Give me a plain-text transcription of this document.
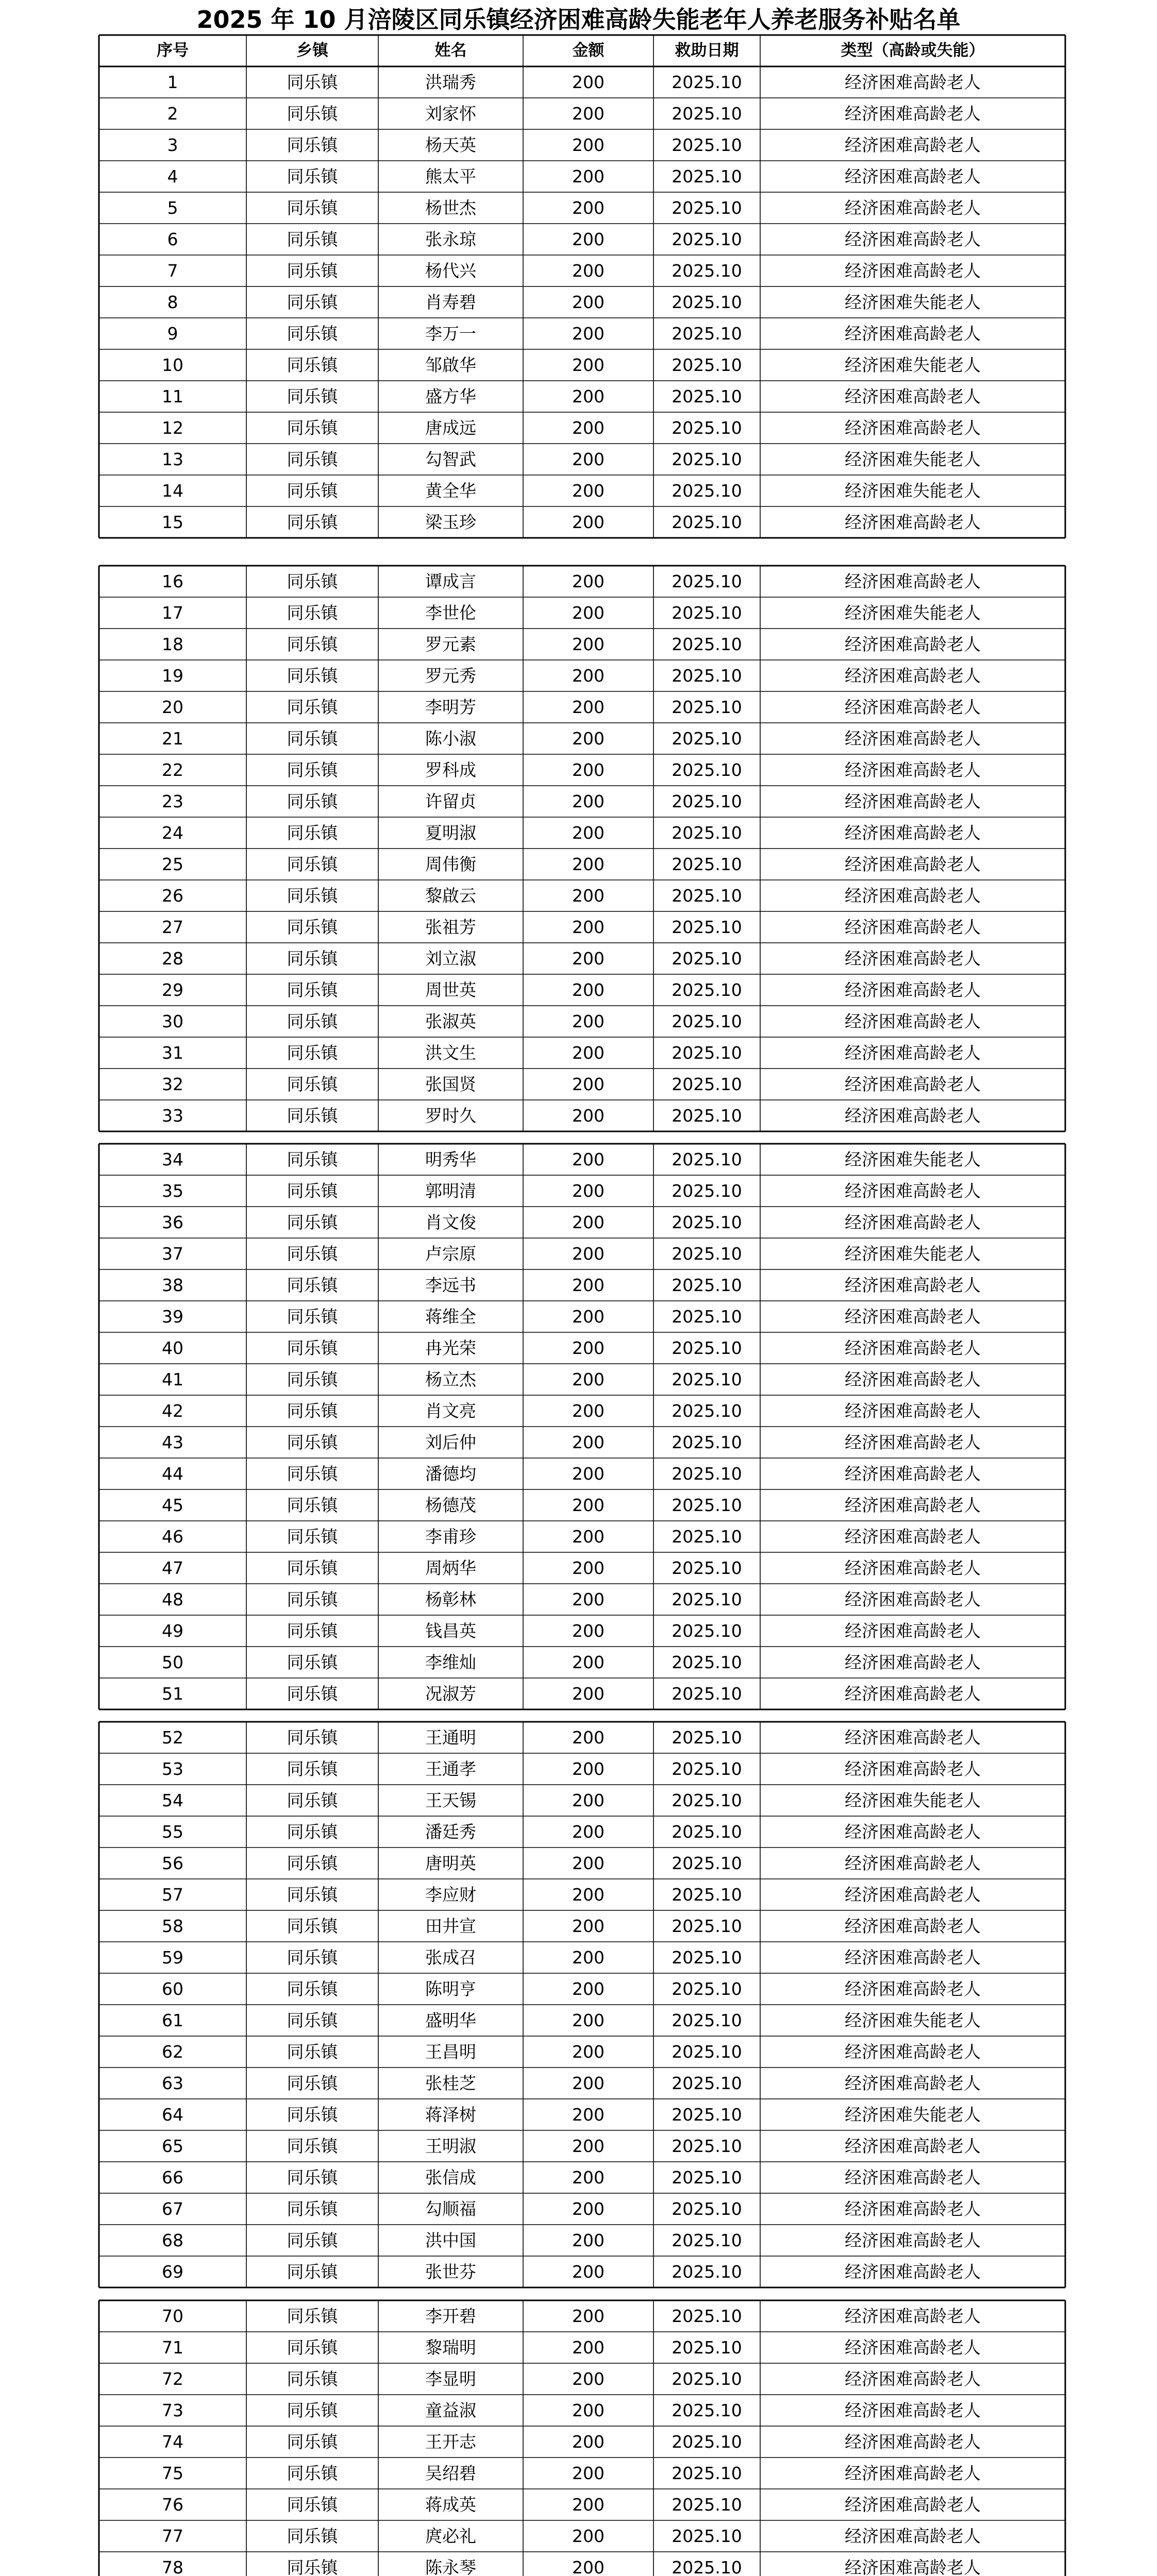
2025 年 10 月涪陵区同乐镇经济困难高龄失能老年人养老服务补贴名单
序号	乡镇	姓名	金额	救助日期	类型（高龄或失能）
1	同乐镇	洪瑞秀	200	2025.10	经济困难高龄老人
2	同乐镇	刘家怀	200	2025.10	经济困难高龄老人
3	同乐镇	杨天英	200	2025.10	经济困难高龄老人
4	同乐镇	熊太平	200	2025.10	经济困难高龄老人
5	同乐镇	杨世杰	200	2025.10	经济困难高龄老人
6	同乐镇	张永琼	200	2025.10	经济困难高龄老人
7	同乐镇	杨代兴	200	2025.10	经济困难高龄老人
8	同乐镇	肖寿碧	200	2025.10	经济困难失能老人
9	同乐镇	李万一	200	2025.10	经济困难高龄老人
10	同乐镇	邹啟华	200	2025.10	经济困难失能老人
11	同乐镇	盛方华	200	2025.10	经济困难高龄老人
12	同乐镇	唐成远	200	2025.10	经济困难高龄老人
13	同乐镇	勾智武	200	2025.10	经济困难失能老人
14	同乐镇	黄全华	200	2025.10	经济困难失能老人
15	同乐镇	梁玉珍	200	2025.10	经济困难高龄老人
16	同乐镇	谭成言	200	2025.10	经济困难高龄老人
17	同乐镇	李世伦	200	2025.10	经济困难失能老人
18	同乐镇	罗元素	200	2025.10	经济困难高龄老人
19	同乐镇	罗元秀	200	2025.10	经济困难高龄老人
20	同乐镇	李明芳	200	2025.10	经济困难高龄老人
21	同乐镇	陈小淑	200	2025.10	经济困难高龄老人
22	同乐镇	罗科成	200	2025.10	经济困难高龄老人
23	同乐镇	许留贞	200	2025.10	经济困难高龄老人
24	同乐镇	夏明淑	200	2025.10	经济困难高龄老人
25	同乐镇	周伟衡	200	2025.10	经济困难高龄老人
26	同乐镇	黎啟云	200	2025.10	经济困难高龄老人
27	同乐镇	张祖芳	200	2025.10	经济困难高龄老人
28	同乐镇	刘立淑	200	2025.10	经济困难高龄老人
29	同乐镇	周世英	200	2025.10	经济困难高龄老人
30	同乐镇	张淑英	200	2025.10	经济困难高龄老人
31	同乐镇	洪文生	200	2025.10	经济困难高龄老人
32	同乐镇	张国贤	200	2025.10	经济困难高龄老人
33	同乐镇	罗时久	200	2025.10	经济困难高龄老人
34	同乐镇	明秀华	200	2025.10	经济困难失能老人
35	同乐镇	郭明清	200	2025.10	经济困难高龄老人
36	同乐镇	肖文俊	200	2025.10	经济困难高龄老人
37	同乐镇	卢宗原	200	2025.10	经济困难失能老人
38	同乐镇	李远书	200	2025.10	经济困难高龄老人
39	同乐镇	蒋维全	200	2025.10	经济困难高龄老人
40	同乐镇	冉光荣	200	2025.10	经济困难高龄老人
41	同乐镇	杨立杰	200	2025.10	经济困难高龄老人
42	同乐镇	肖文亮	200	2025.10	经济困难高龄老人
43	同乐镇	刘后仲	200	2025.10	经济困难高龄老人
44	同乐镇	潘德均	200	2025.10	经济困难高龄老人
45	同乐镇	杨德茂	200	2025.10	经济困难高龄老人
46	同乐镇	李甫珍	200	2025.10	经济困难高龄老人
47	同乐镇	周炳华	200	2025.10	经济困难高龄老人
48	同乐镇	杨彰林	200	2025.10	经济困难高龄老人
49	同乐镇	钱昌英	200	2025.10	经济困难高龄老人
50	同乐镇	李维灿	200	2025.10	经济困难高龄老人
51	同乐镇	况淑芳	200	2025.10	经济困难高龄老人
52	同乐镇	王通明	200	2025.10	经济困难高龄老人
53	同乐镇	王通孝	200	2025.10	经济困难高龄老人
54	同乐镇	王天锡	200	2025.10	经济困难失能老人
55	同乐镇	潘廷秀	200	2025.10	经济困难高龄老人
56	同乐镇	唐明英	200	2025.10	经济困难高龄老人
57	同乐镇	李应财	200	2025.10	经济困难高龄老人
58	同乐镇	田井宣	200	2025.10	经济困难高龄老人
59	同乐镇	张成召	200	2025.10	经济困难高龄老人
60	同乐镇	陈明亨	200	2025.10	经济困难高龄老人
61	同乐镇	盛明华	200	2025.10	经济困难失能老人
62	同乐镇	王昌明	200	2025.10	经济困难高龄老人
63	同乐镇	张桂芝	200	2025.10	经济困难高龄老人
64	同乐镇	蒋泽树	200	2025.10	经济困难失能老人
65	同乐镇	王明淑	200	2025.10	经济困难高龄老人
66	同乐镇	张信成	200	2025.10	经济困难高龄老人
67	同乐镇	勾顺福	200	2025.10	经济困难高龄老人
68	同乐镇	洪中国	200	2025.10	经济困难高龄老人
69	同乐镇	张世芬	200	2025.10	经济困难高龄老人
70	同乐镇	李开碧	200	2025.10	经济困难高龄老人
71	同乐镇	黎瑞明	200	2025.10	经济困难高龄老人
72	同乐镇	李显明	200	2025.10	经济困难高龄老人
73	同乐镇	童益淑	200	2025.10	经济困难高龄老人
74	同乐镇	王开志	200	2025.10	经济困难高龄老人
75	同乐镇	吴绍碧	200	2025.10	经济困难高龄老人
76	同乐镇	蒋成英	200	2025.10	经济困难高龄老人
77	同乐镇	庹必礼	200	2025.10	经济困难高龄老人
78	同乐镇	陈永琴	200	2025.10	经济困难高龄老人
